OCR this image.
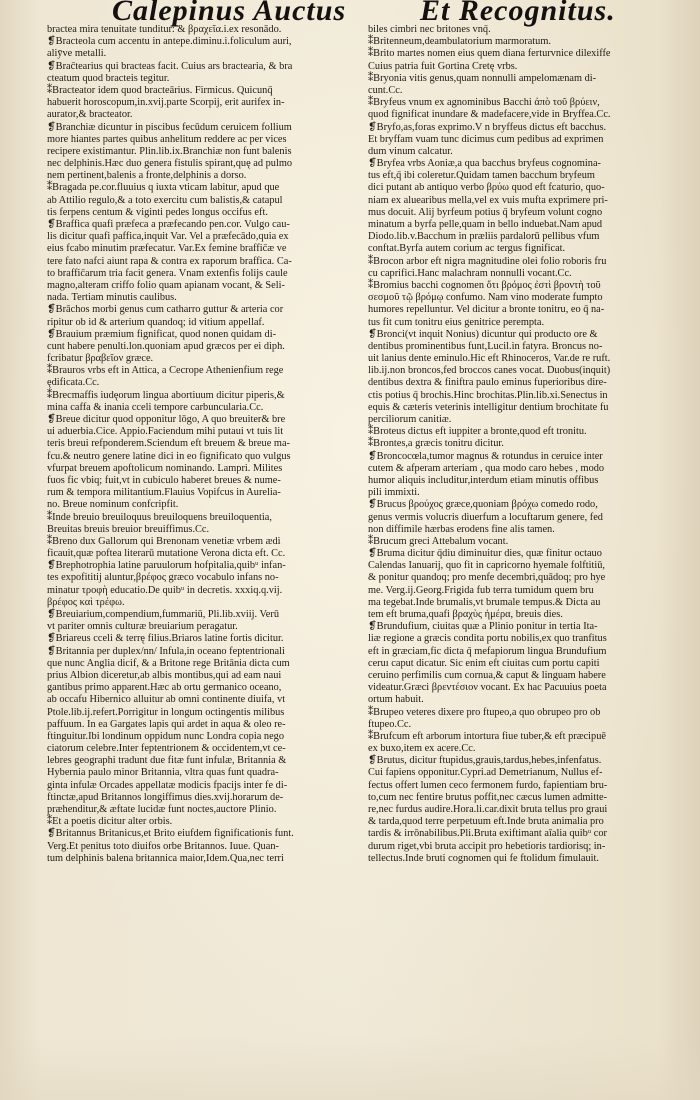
Calepinus Auctus Et Recognitus.
bractea mira tenuitate tunditur: & βραχεῖα.i.ex resonādo.
❡Bracteola cum accentu in antepe.diminu.i.foliculum auri,
aliȳve metalli.
❡Brac̄tearius qui bracteas facit. Cuius ars bractearia, & bra
cteatum quod bracteis tegitur.
⁑Bracteator idem quod bracteārius. Firmicus. Quicunq̄
habuerit horoscopum,in.xvij.parte Scorpij, erit aurifex in-
aurator,& bracteator.
❡Branchiæ dicuntur in piscibus fecūdum ceruicem follium
more hiantes partes quibus anhelitum reddere ac per vices
recipere existimantur. Plin.lib.ix.Branchiæ non funt balenis
nec delphinis.Hæc duo genera fistulis spirant,quę ad pulmo
nem pertinent,balenis a fronte,delphinis a dorso.
⁑Bragada pe.cor.fluuius q iuxta vticam labitur, apud que
ab Attilio regulo,& a toto exercitu cum balistis,& catapul
tis ferpens centum & viginti pedes longus occifus eft.
❡Braffica quafi præfeca a præfecando pen.cor. Vulgo cau-
lis dicitur quafi paffica,inquit Var. Vel a præfecādo,quia ex
eius fcabo minutim præfecatur. Var.Ex femine braffic̄æ ve
tere fato nafci aiunt rapa & contra ex raporum braffica. Ca-
to braffic̄arum tria facit genera. Vnam extenfis folijs caule
magno,alteram criffo folio quam apianam vocant, & Seli-
nada. Tertiam minutis caulibus.
❡Brāchos morbi genus cum catharro guttur & arteria cor
ripitur ob id & arterium quandoq; id vitium appellaf.
❡Brauium præmium fignificat, quod nonen quidam di-
cunt habere penulti.lon.quoniam apud græcos per ei diph.
fcribatur βραβεῖον græce.
⁑Brauros vrbs eft in Attica, a Cecrope Athenienfium rege
ędificata.Cc.
⁑Brecmaffis iudęorum lingua abortiuum dicitur piperis,&
mina caffa & inania cceli tempore carbuncularia.Cc.
❡Breue dicitur quod opponitur lōgo, A quo breuiter& bre
ui aduerbia.Cice. Appio.Faciendum mihi putaui vt tuis lit
teris breui refponderem.Sciendum eft breuem & breue ma-
fcu.& neutro genere latine dici in eo fignificato quo vulgus
vfurpat breuem apoftolicum nominando. Lampri. Milites
fuos fic vbiq; fuit,vt in cubiculo haberet breues & nume-
rum & tempora militantium.Flauius Vopifcus in Aurelia-
no. Breue nominum confcripfit.
⁑Inde breuio breuiloquus breuiloquens breuiloquentia,
Breuitas breuis breuior breuiffimus.Cc.
⁑Breno dux Gallorum qui Brenonam venetiæ vrbem ædi
ficauit,quæ poftea literarū mutatione Verona dicta eft. Cc.
❡Brephotrophia latine paruulorum hofpitalia,quibᵘ infan-
tes expofititij aluntur,βρέφος græco vocabulo infans no-
minatur τροφὴ educatio.De quibᵘ in decretis. xxxiq.q.vij.
βρέφος καὶ τρέφω.
❡Breuiarium,compendium,fummariū, Pli.lib.xviij. Verū
vt pariter omnis culturæ breuiarium peragatur.
❡Briareus cceli & terrę filius.Briaros latine fortis dicitur.
❡Britannia per duplex/nn/ Infula,in oceano feptentrionali
que nunc Anglia dicif, & a Britone rege Britānia dicta cum
prius Albion diceretur,ab albis montibus,qui ad eam naui
gantibus primo apparent.Hæc ab ortu germanico oceano,
ab occafu Hibernico alluitur ab omni continente diuifa, vt
Ptole.lib.ij.refert.Porrigitur in longum octingentis milibus
paffuum. In ea Gargates lapis qui ardet in aqua & oleo re-
ftinguitur.Ibi londinum oppidum nunc Londra copia nego
ciatorum celebre.Inter feptentrionem & occidentem,vt ce-
lebres geographi tradunt due fitæ funt infulæ, Britannia &
Hybernia paulo minor Britannia, vltra quas funt quadra-
ginta infulæ Orcades appellatæ modicis fpacijs inter fe di-
ftinctæ,apud Britannos longiffimus dies.xvij.horarum de-
præhenditur,& æftate lucidæ funt noctes,auctore Plinio.
⁑Et a poetis dicitur alter orbis.
❡Britannus Britanicus,et Brito eiufdem fignificationis funt.
Verg.Et penitus toto diuifos orbe Britannos. Iuue. Quan-
tum delphinis balena britannica maior,Idem.Qua,nec terri
biles cimbri nec britones vnq̄.
⁑Britenneum,deambulatorium marmoratum.
⁑Brito martes nomen eius quem diana ferturvnice dilexiffe
Cuius patria fuit Gortina Cretę vrbs.
⁑Bryonia vitis genus,quam nonnulli ampelomænam di-
cunt.Cc.
⁑Bryfeus vnum ex agnominibus Bacchi ἀπὸ τοῦ βρύειν,
quod fignificat inundare & madefacere,vide in Bryffea.Cc.
❡Bryfo,as,foras exprimo.V n bryffeus dictus eft bacchus.
Et bryffam vuam tunc dicimus cum pedibus ad exprimen
dum vinum calcatur.
❡Bryfea vrbs Aoniæ,a qua bacchus bryfeus cognomina-
tus eft,q̄ ibi coleretur.Quidam tamen bacchum bryfeum
dici putant ab antiquo verbo βρύω quod eft fcaturio, quo-
niam ex aluearibus mella,vel ex vuis mufta exprimere pri-
mus docuit. Alij byrfeum potius q̄ bryfeum volunt cogno
minatum a byrfa pelle,quam in bello induebat.Nam apud
Diodo.lib.v.Bacchum in præliis pardalorū pellibus vfum
conftat.Byrfa autem corium ac tergus fignificat.
⁑Brocon arbor eft nigra magnitudine olei folio roboris fru
cu caprifici.Hanc malachram nonnulli vocant.Cc.
⁑Bromius bacchi cognomen ὅτι βρόμος ἐστὶ βροντὴ τοῦ
σεσμοῦ τῷ βρόμῳ confumo. Nam vino moderate fumpto
humores repelluntur. Vel dicitur a bronte tonitru, eo q̄ na-
tus fit cum tonitru eius genitrice perempta.
❡Bronci(vt inquit Nonius) dicuntur qui producto ore &
dentibus prominentibus funt,Lucil.in fatyra. Broncus no-
uit lanius dente eminulo.Hic eft Rhinoceros, Var.de re ruft.
lib.ij.non broncos,fed broccos canes vocat. Duobus(inquit)
dentibus dextra & finiftra paulo eminus fuperioribus dire-
ctis potius q̄ brochis.Hinc brochitas.Plin.lib.xi.Senectus in
equis & cæteris veterinis intelligitur dentium brochitate fu
perciliorum canitiæ.
⁑Broteus dictus eft iuppiter a bronte,quod eft tronitu.
⁑Brontes,a græcis tonitru dicitur.
❡Broncocœla,tumor magnus & rotundus in ceruice inter
cutem & afperam arteriam , qua modo caro hebes , modo
humor aliquis includitur,interdum etiam minutis offibus
pili immixti.
❡Brucus βρούχος græce,quoniam βρόχω comedo rodo,
genus vermis volucris diuerfum a locuftarum genere, fed
non diffimile hærbas erodens fine alis tamen.
⁑Brucum greci Attebalum vocant.
❡Bruma dicitur q̄diu diminuitur dies, quæ finitur octauo
Calendas Ianuarij, quo fit in capricorno hyemale folftitiū,
& ponitur quandoq; pro menfe decembri,quādoq; pro hye
me. Verg.ij.Georg.Frigida fub terra tumidum quem bru
ma tegebat.Inde brumalis,vt brumale tempus.& Dicta au
tem eft bruma,quafi βραχὺς ἡμέρα, breuis dies.
❡Brundufium, ciuitas quæ a Plinio ponitur in tertia Ita-
liæ regione a græcis condita portu nobilis,ex quo tranfitus
eft in græciam,fic dicta q̄ mefapiorum lingua Brundufium
ceruı caput dicatur. Sic enim eft ciuitas cum portu capiti
ceruino perfimilis cum cornua,& caput & linguam habere
videatur.Græci βρεντέσιον vocant. Ex hac Pacuuius poeta
ortum habuit.
⁑Brupeo veteres dixere pro ftupeo,a quo obrupeo pro ob
ftupeo.Cc.
⁑Brufcum eft arborum intortura fiue tuber,& eft præcipuē
ex buxo,item ex acere.Cc.
❡Brutus, dicitur ftupidus,grauis,tardus,hebes,infenfatus.
Cui fapiens opponitur.Cypri.ad Demetrianum, Nullus ef-
fectus offert lumen ceco fermonem furdo, fapientiam bru-
to,cum nec fentire brutus poffit,nec cæcus lumen admitte-
re,nec furdus audire.Hora.li.car.dixit bruta tellus pro graui
& tarda,quod terre perpetuum eft.Inde bruta animalia pro
tardis & irrōnabilibus.Pli.Bruta exiftimant aīalia quibᵘ cor
durum riget,vbi bruta accipit pro hebetioris tardiorisq; in-
tellectus.Inde bruti cognomen qui fe ftolidum fimulauit.
